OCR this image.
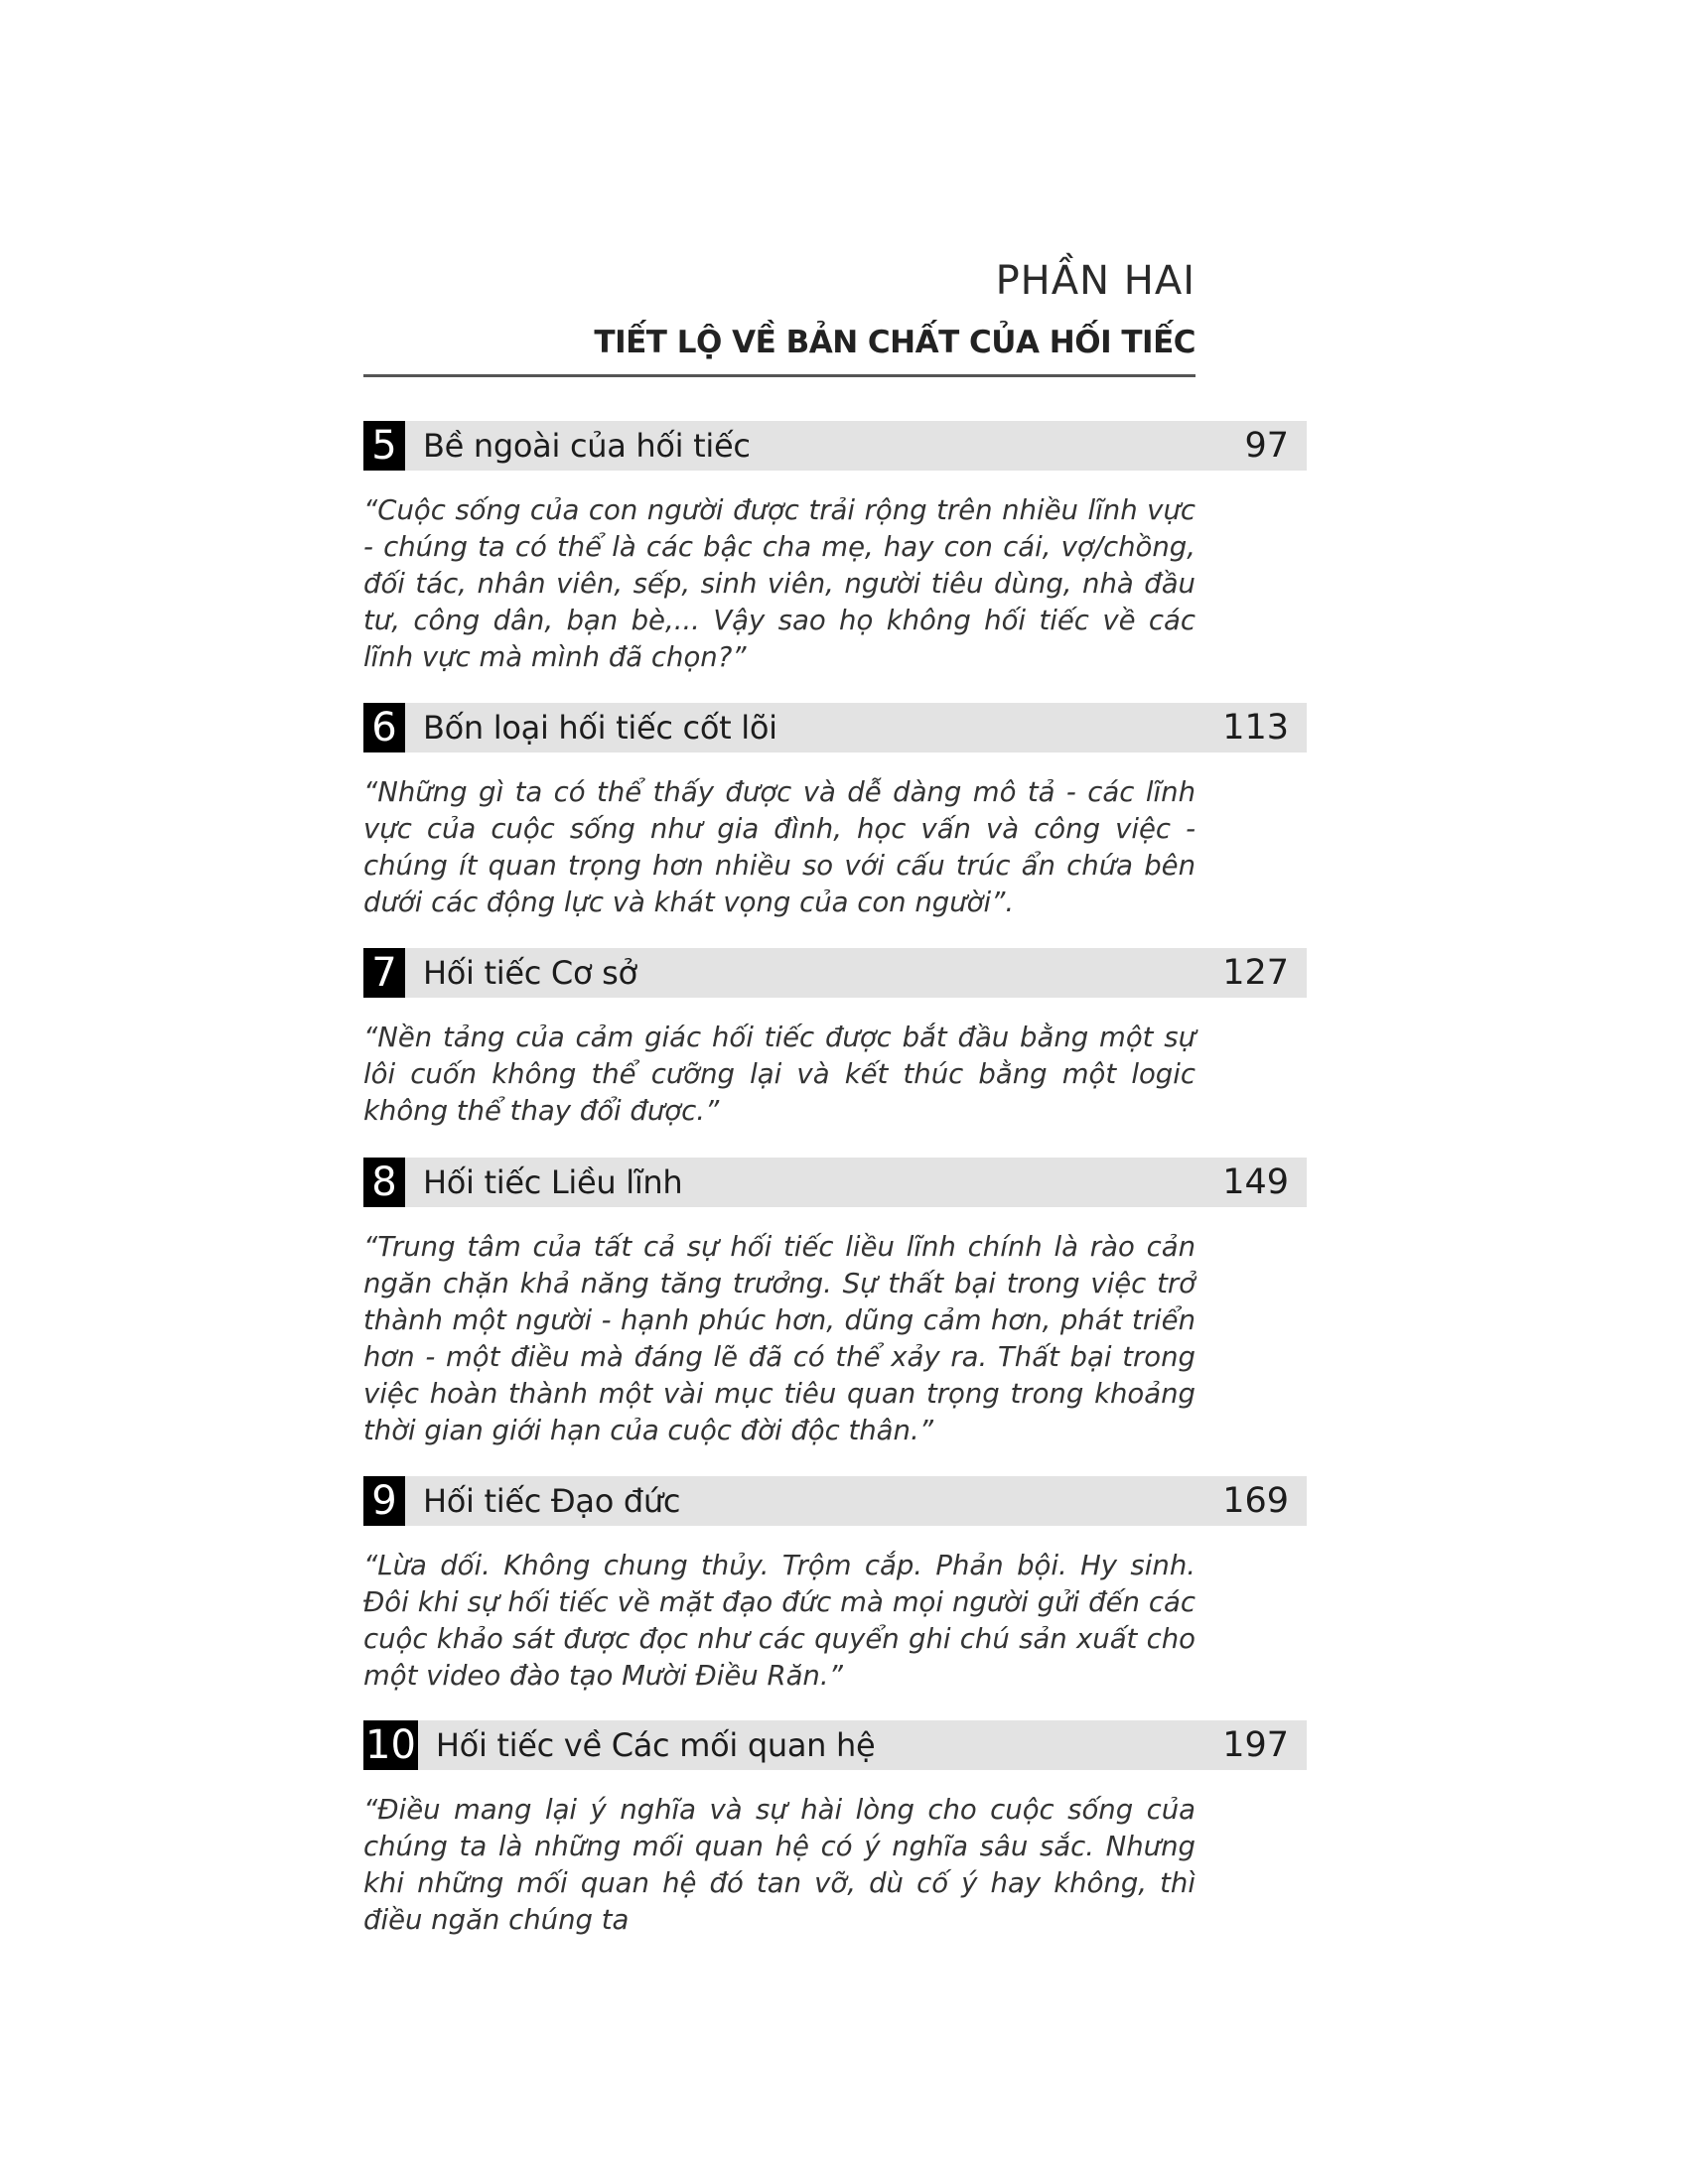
PHẦN HAI
TIẾT LỘ VỀ BẢN CHẤT CỦA HỐI TIẾC
5 Bề ngoài của hối tiếc	97

“Cuộc sống của con người được trải rộng trên nhiều lĩnh vực - chúng ta có thể là các bậc cha mẹ, hay con cái, vợ/chồng, đối tác, nhân viên, sếp, sinh viên, người tiêu dùng, nhà đầu tư, công dân, bạn bè,... Vậy sao họ không hối tiếc về các lĩnh vực mà mình đã chọn?”

6 Bốn loại hối tiếc cốt lõi	113

“Những gì ta có thể thấy được và dễ dàng mô tả - các lĩnh vực của cuộc sống như gia đình, học vấn và công việc - chúng ít quan trọng hơn nhiều so với cấu trúc ẩn chứa bên dưới các động lực và khát vọng của con người”.

7 Hối tiếc Cơ sở	127

“Nền tảng của cảm giác hối tiếc được bắt đầu bằng một sự lôi cuốn không thể cưỡng lại và kết thúc bằng một logic không thể thay đổi được.”

8 Hối tiếc Liều lĩnh	149

“Trung tâm của tất cả sự hối tiếc liều lĩnh chính là rào cản ngăn chặn khả năng tăng trưởng. Sự thất bại trong việc trở thành một người - hạnh phúc hơn, dũng cảm hơn, phát triển hơn - một điều mà đáng lẽ đã có thể xảy ra. Thất bại trong việc hoàn thành một vài mục tiêu quan trọng trong khoảng thời gian giới hạn của cuộc đời độc thân.”

9 Hối tiếc Đạo đức	169

“Lừa dối. Không chung thủy. Trộm cắp. Phản bội. Hy sinh. Đôi khi sự hối tiếc về mặt đạo đức mà mọi người gửi đến các cuộc khảo sát được đọc như các quyển ghi chú sản xuất cho một video đào tạo Mười Điều Răn.”

10 Hối tiếc về Các mối quan hệ	197

“Điều mang lại ý nghĩa và sự hài lòng cho cuộc sống của chúng ta là những mối quan hệ có ý nghĩa sâu sắc. Nhưng khi những mối quan hệ đó tan vỡ, dù cố ý hay không, thì điều ngăn chúng ta
